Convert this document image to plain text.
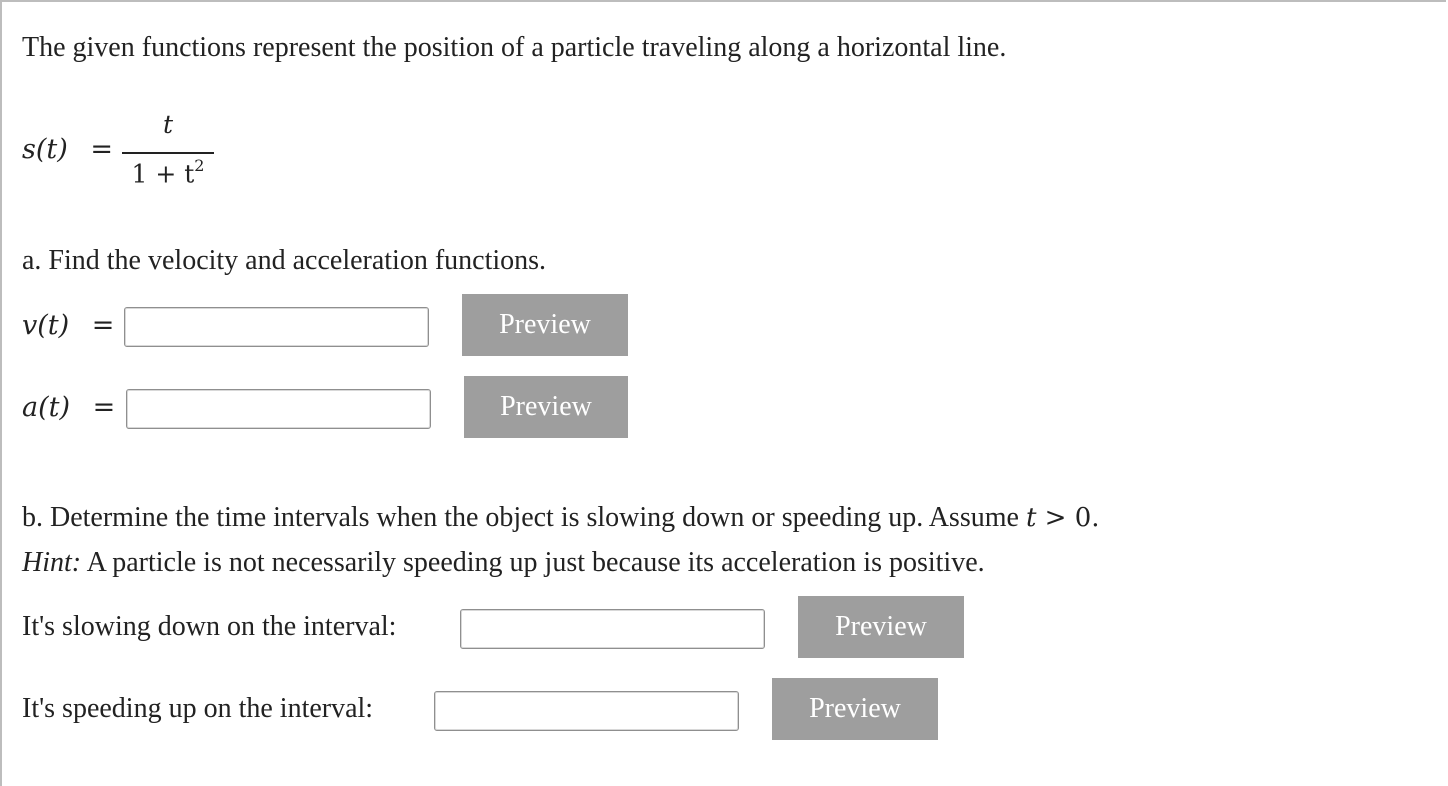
The given functions represent the position of a particle traveling along a horizontal line.
s(t) =
t
$1 + t^2$
a. Find the velocity and acceleration functions.
v(t) =	Preview
a(t) =	Preview
b. Determine the time intervals when the object is slowing down or speeding up. Assume t > 0.
Hint: A particle is not necessarily speeding up just because its acceleration is positive.
It's slowing down on the interval:	Preview
It's speeding up on the interval:	Preview
